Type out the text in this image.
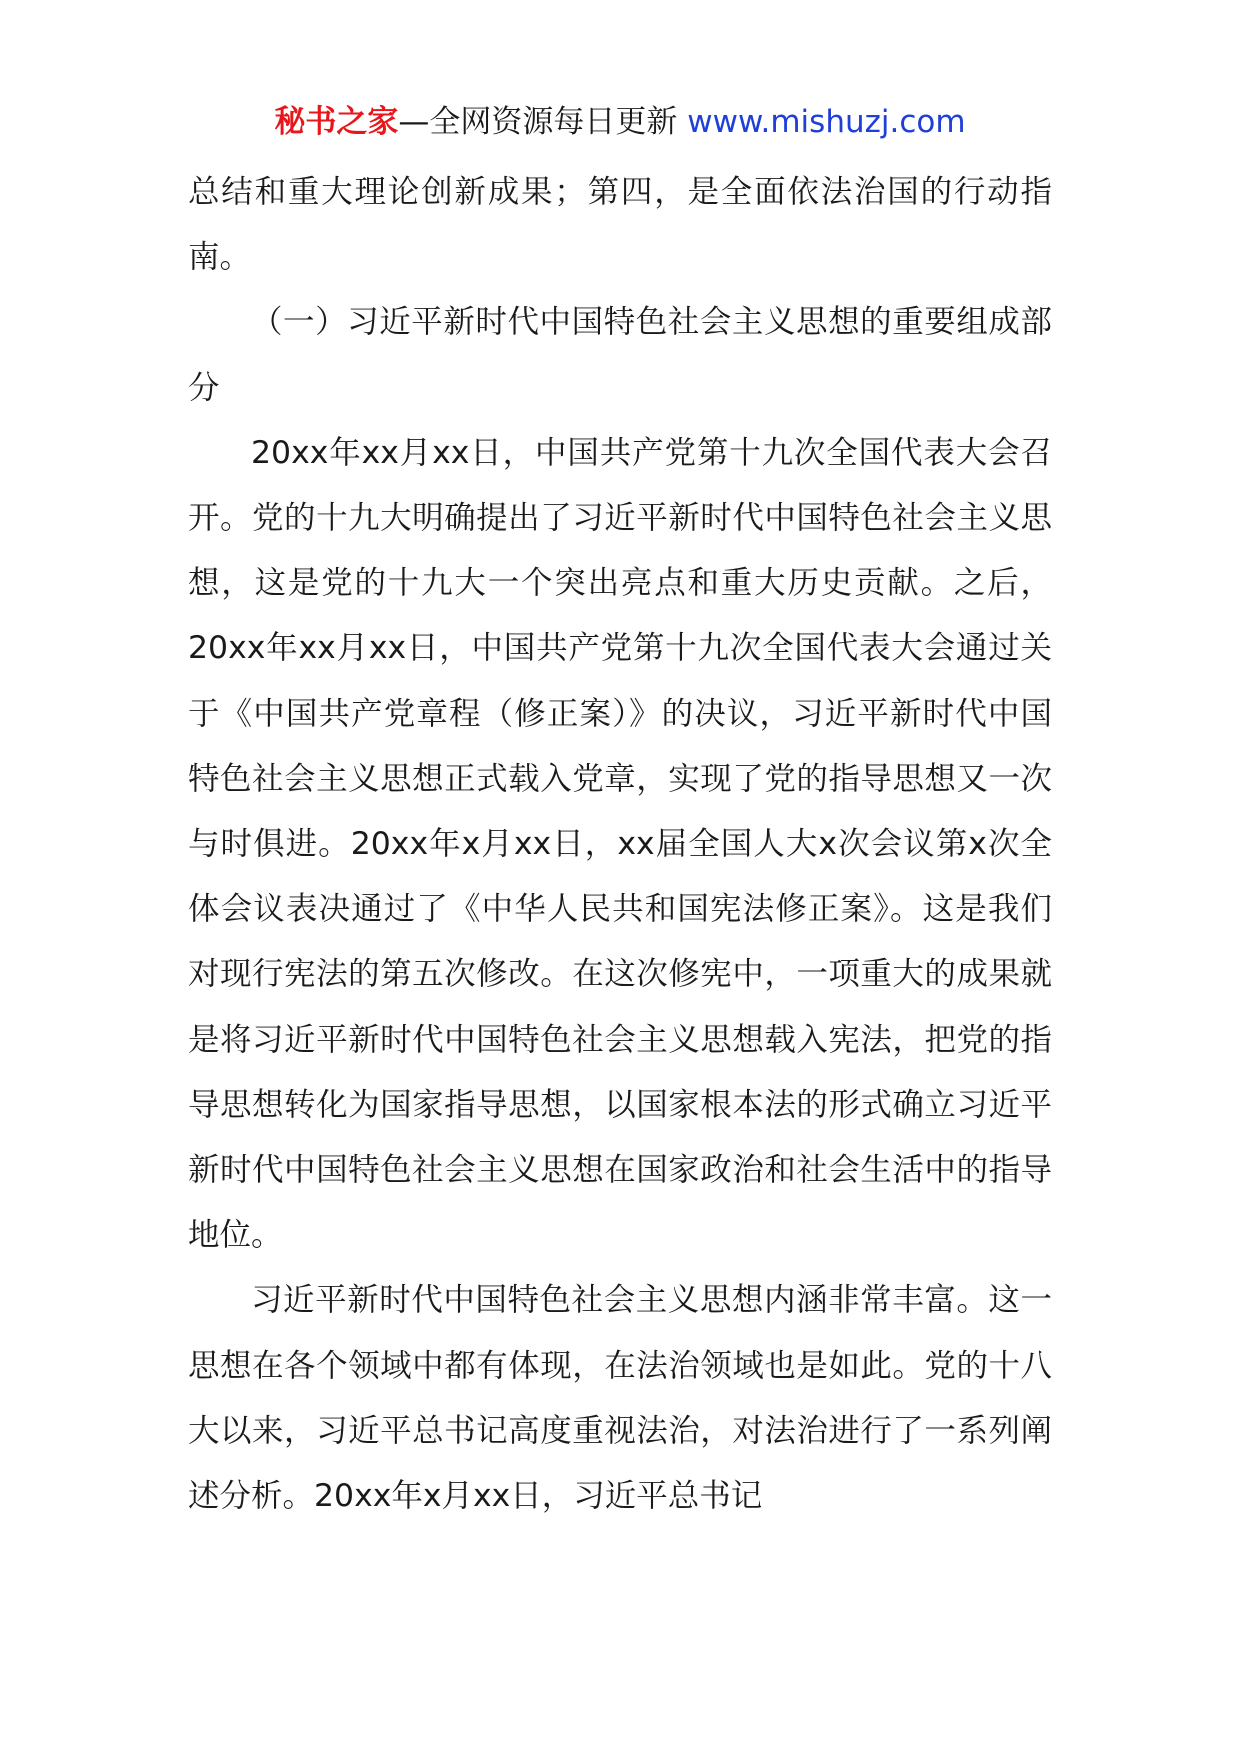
秘书之家—全网资源每日更新 www.mishuzj.com

总结和重大理论创新成果；第四，是全面依法治国的行动指南。

（一）习近平新时代中国特色社会主义思想的重要组成部分

20xx年xx月xx日，中国共产党第十九次全国代表大会召开。党的十九大明确提出了习近平新时代中国特色社会主义思想，这是党的十九大一个突出亮点和重大历史贡献。之后，20xx年xx月xx日，中国共产党第十九次全国代表大会通过关于《中国共产党章程（修正案）》的决议，习近平新时代中国特色社会主义思想正式载入党章，实现了党的指导思想又一次与时俱进。20xx年x月xx日，xx届全国人大x次会议第x次全体会议表决通过了《中华人民共和国宪法修正案》。这是我们对现行宪法的第五次修改。在这次修宪中，一项重大的成果就是将习近平新时代中国特色社会主义思想载入宪法，把党的指导思想转化为国家指导思想，以国家根本法的形式确立习近平新时代中国特色社会主义思想在国家政治和社会生活中的指导地位。

习近平新时代中国特色社会主义思想内涵非常丰富。这一思想在各个领域中都有体现，在法治领域也是如此。党的十八大以来，习近平总书记高度重视法治，对法治进行了一系列阐述分析。20xx年x月xx日，习近平总书记
